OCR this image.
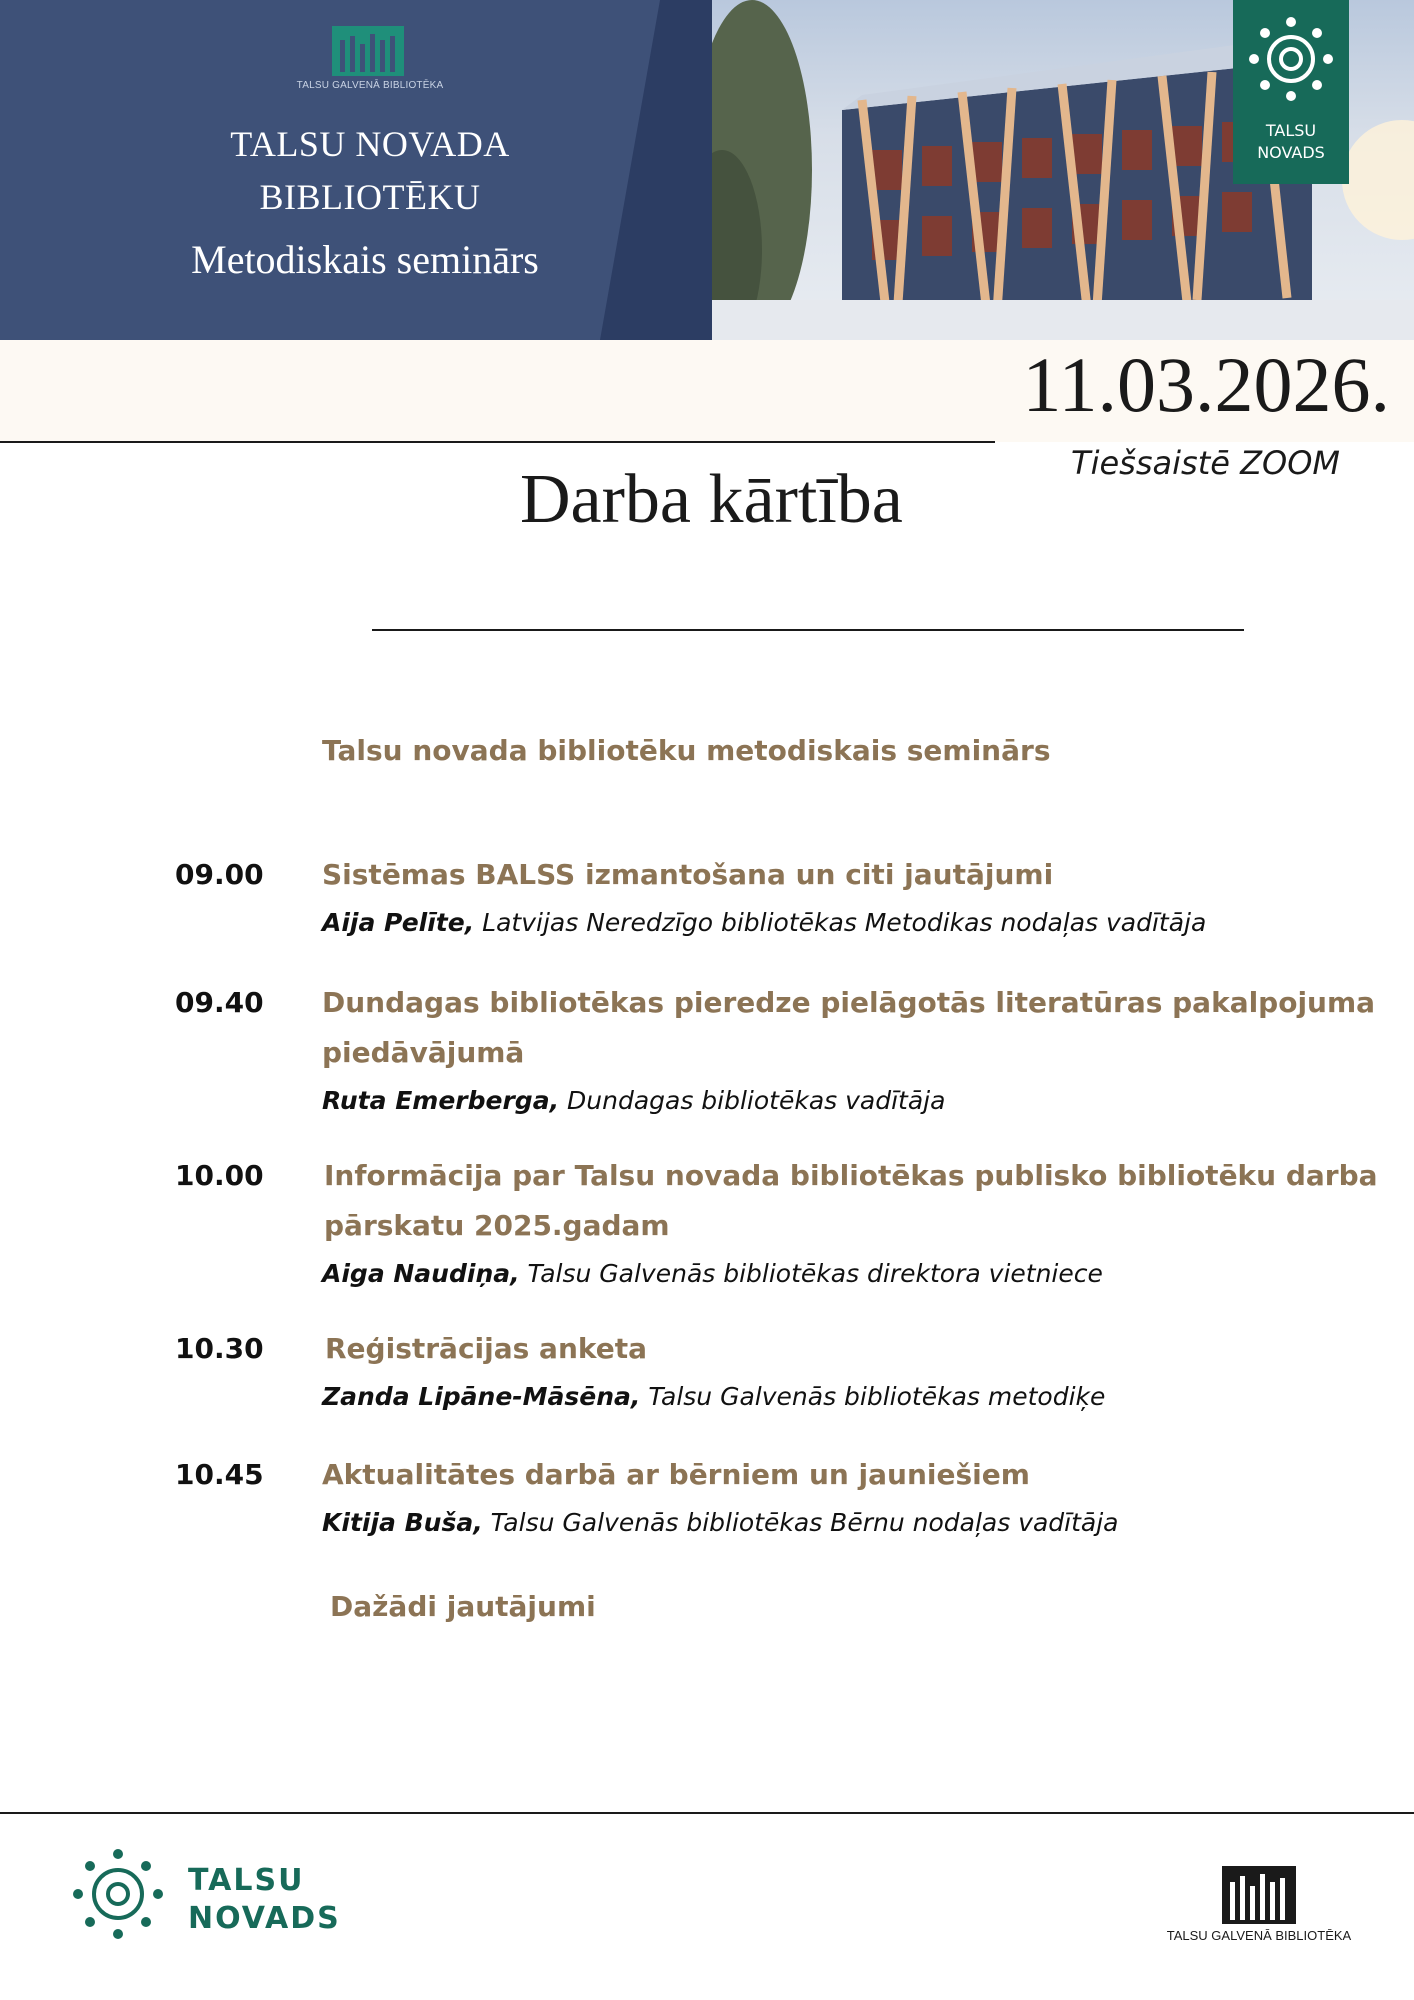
TALSU GALVENĀ BIBLIOTĒKA
TALSU NOVADA
BIBLIOTĒKU
Metodiskais seminārs
TALSU
NOVADS
11.03.2026.
Tiešsaistē ZOOM
Darba kārtība
Talsu novada bibliotēku metodiskais seminārs
09.00	Sistēmas BALSS izmantošana un citi jautājumi
Aija Pelīte, Latvijas Neredzīgo bibliotēkas Metodikas nodaļas vadītāja
09.40	Dundagas bibliotēkas pieredze pielāgotās literatūras pakalpojuma piedāvājumā
Ruta Emerberga, Dundagas bibliotēkas vadītāja
10.00	Informācija par Talsu novada bibliotēkas publisko bibliotēku darba pārskatu 2025.gadam
Aiga Naudiņa, Talsu Galvenās bibliotēkas direktora vietniece
10.30	Reģistrācijas anketa
Zanda Lipāne-Māsēna, Talsu Galvenās bibliotēkas metodiķe
10.45	Aktualitātes darbā ar bērniem un jauniešiem
Kitija Buša, Talsu Galvenās bibliotēkas Bērnu nodaļas vadītāja
Dažādi jautājumi
TALSU
NOVADS	TALSU GALVENĀ BIBLIOTĒKA
